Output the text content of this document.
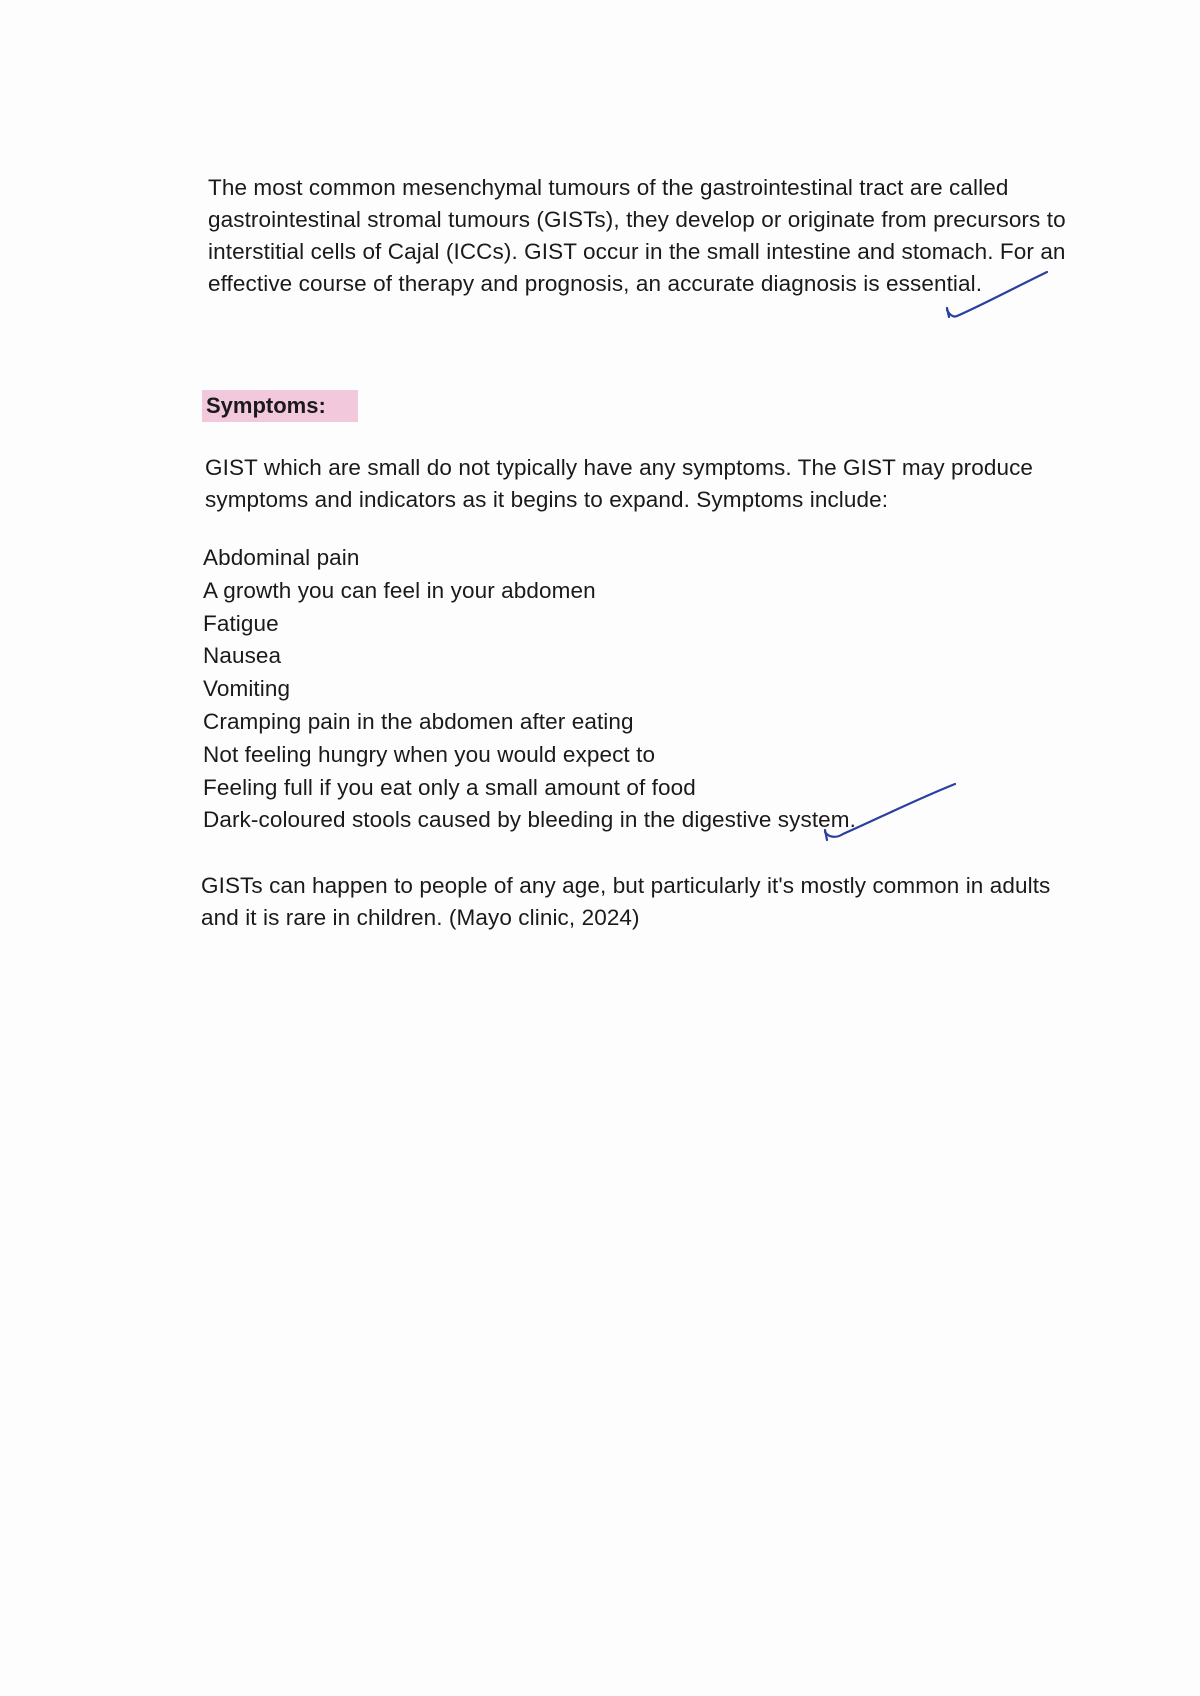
The most common mesenchymal tumours of the gastrointestinal tract are called

gastrointestinal stromal tumours (GISTs), they develop or originate from precursors to

interstitial cells of Cajal (ICCs). GIST occur in the small intestine and stomach. For an

effective course of therapy and prognosis, an accurate diagnosis is essential.

Symptoms:

GIST which are small do not typically have any symptoms. The GIST may produce

symptoms and indicators as it begins to expand. Symptoms include:

Abdominal pain
A growth you can feel in your abdomen
Fatigue
Nausea
Vomiting
Cramping pain in the abdomen after eating
Not feeling hungry when you would expect to
Feeling full if you eat only a small amount of food
Dark-coloured stools caused by bleeding in the digestive system.

GISTs can happen to people of any age, but particularly it's mostly common in adults

and it is rare in children. (Mayo clinic, 2024)
